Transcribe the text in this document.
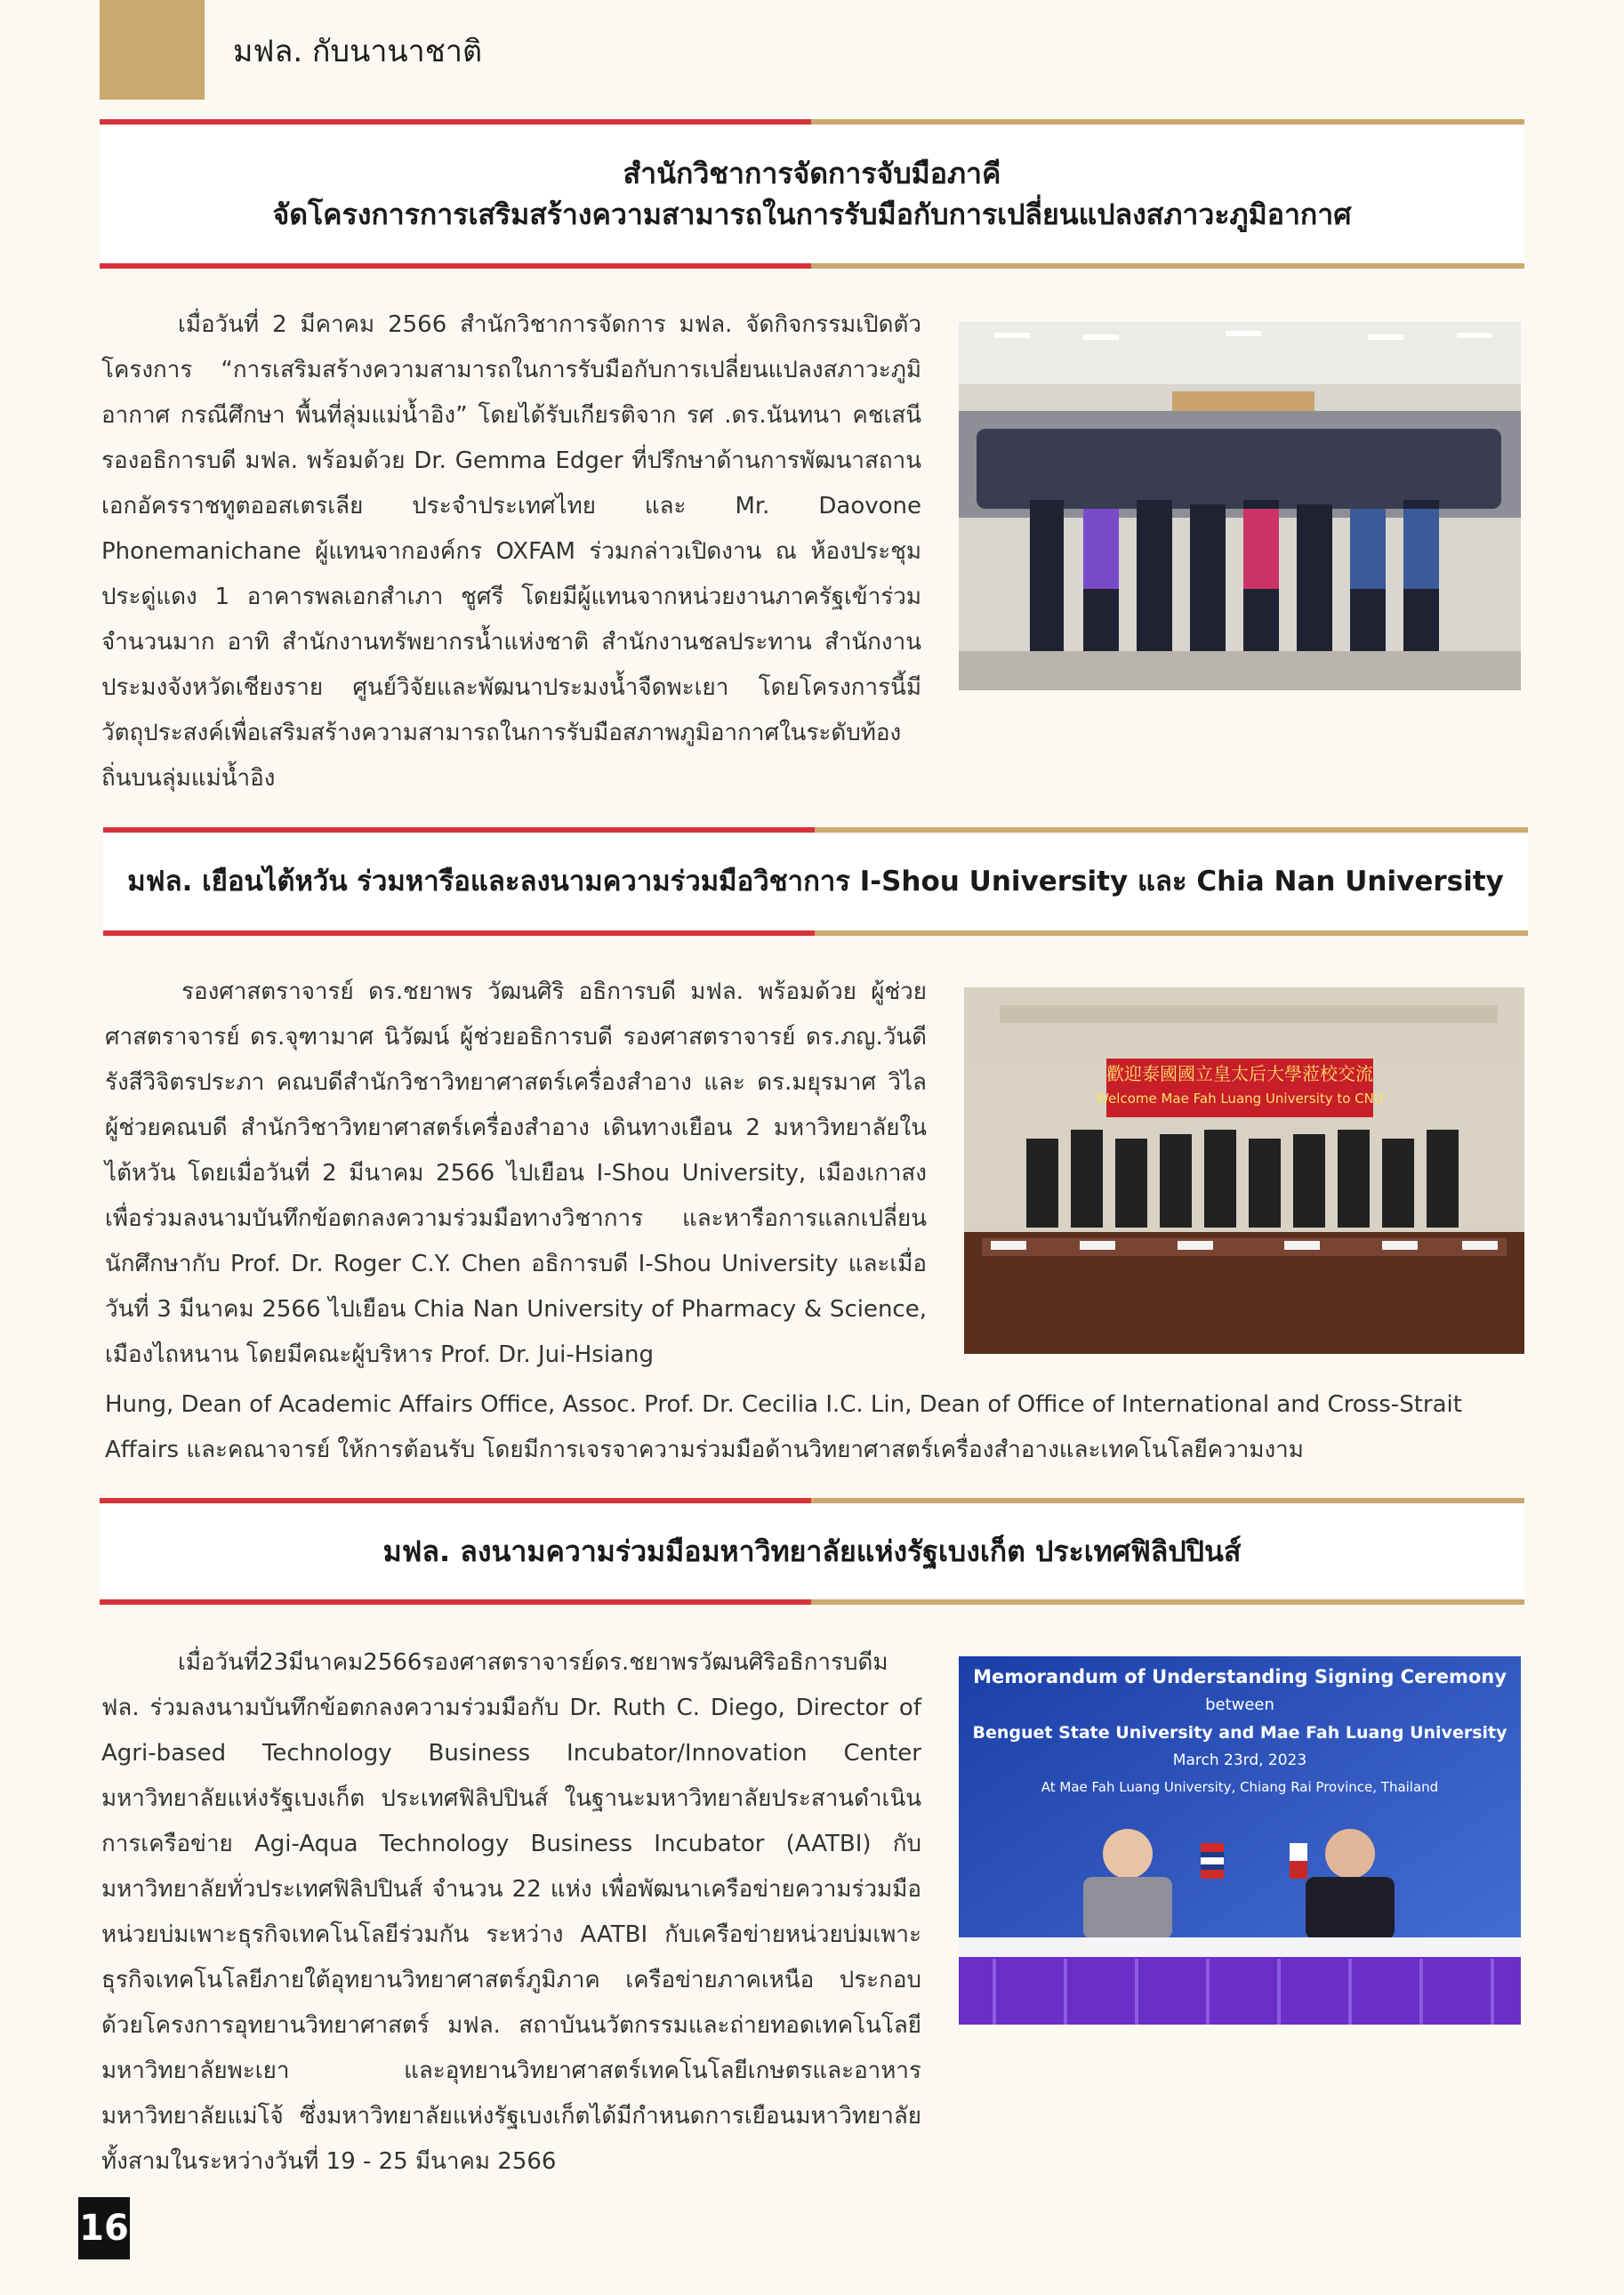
มฟล. กับนานาชาติ
สำนักวิชาการจัดการจับมือภาคี
จัดโครงการการเสริมสร้างความสามารถในการรับมือกับการเปลี่ยนแปลงสภาวะภูมิอากาศ

เมื่อวันที่ 2 มีคาคม 2566 สำนักวิชาการจัดการ มฟล. จัดกิจกรรมเปิดตัวโครงการ “การเสริมสร้างความสามารถในการรับมือกับการเปลี่ยนแปลงสภาวะภูมิอากาศ กรณีศึกษา พื้นที่ลุ่มแม่น้ำอิง” โดยได้รับเกียรติจาก รศ .ดร.นันทนา คชเสนี รองอธิการบดี มฟล. พร้อมด้วย Dr. Gemma Edger ที่ปรึกษาด้านการพัฒนาสถานเอกอัครราชทูตออสเตรเลีย ประจำประเทศไทย และ Mr. Daovone Phonemanichane ผู้แทนจากองค์กร OXFAM ร่วมกล่าวเปิดงาน ณ ห้องประชุมประดู่แดง 1 อาคารพลเอกสำเภา ชูศรี โดยมีผู้แทนจากหน่วยงานภาครัฐเข้าร่วมจำนวนมาก อาทิ สำนักงานทรัพยากรน้ำแห่งชาติ สำนักงานชลประทาน สำนักงานประมงจังหวัดเชียงราย ศูนย์วิจัยและพัฒนาประมงน้ำจืดพะเยา โดยโครงการนี้มีวัตถุประสงค์เพื่อเสริมสร้างความสามารถในการรับมือสภาพภูมิอากาศในระดับท้องถิ่นบนลุ่มแม่น้ำอิง

มฟล. เยือนไต้หวัน ร่วมหารือและลงนามความร่วมมือวิชาการ I-Shou University และ Chia Nan University

รองศาสตราจารย์ ดร.ชยาพร วัฒนศิริ อธิการบดี มฟล. พร้อมด้วย ผู้ช่วยศาสตราจารย์ ดร.จุฑามาศ นิวัฒน์ ผู้ช่วยอธิการบดี รองศาสตราจารย์ ดร.ภญ.วันดี รังสีวิจิตรประภา คณบดีสำนักวิชาวิทยาศาสตร์เครื่องสำอาง และ ดร.มยุรมาศ วิไล ผู้ช่วยคณบดี สำนักวิชาวิทยาศาสตร์เครื่องสำอาง เดินทางเยือน 2 มหาวิทยาลัยในไต้หวัน โดยเมื่อวันที่ 2 มีนาคม 2566 ไปเยือน I-Shou University, เมืองเกาสง เพื่อร่วมลงนามบันทึกข้อตกลงความร่วมมือทางวิชาการ และหารือการแลกเปลี่ยนนักศึกษากับ Prof. Dr. Roger C.Y. Chen อธิการบดี I-Shou University และเมื่อวันที่ 3 มีนาคม 2566 ไปเยือน Chia Nan University of Pharmacy & Science, เมืองไถหนาน โดยมีคณะผู้บริหาร Prof. Dr. Jui-Hsiang

Hung, Dean of Academic Affairs Office, Assoc. Prof. Dr. Cecilia I.C. Lin, Dean of Office of International and Cross-Strait Affairs และคณาจารย์ ให้การต้อนรับ โดยมีการเจรจาความร่วมมือด้านวิทยาศาสตร์เครื่องสำอางและเทคโนโลยีความงาม

歡迎泰國國立皇太后大學蒞校交流
Welcome Mae Fah Luang University to CNU
มฟล. ลงนามความร่วมมือมหาวิทยาลัยแห่งรัฐเบงเก็ต ประเทศฟิลิปปินส์

เมื่อวันที่23มีนาคม2566รองศาสตราจารย์ดร.ชยาพรวัฒนศิริอธิการบดีมฟล. ร่วมลงนามบันทึกข้อตกลงความร่วมมือกับ Dr. Ruth C. Diego, Director of Agri-based Technology Business Incubator/Innovation Center มหาวิทยาลัยแห่งรัฐเบงเก็ต ประเทศฟิลิปปินส์ ในฐานะมหาวิทยาลัยประสานดำเนินการเครือข่าย Agi-Aqua Technology Business Incubator (AATBI) กับมหาวิทยาลัยทั่วประเทศฟิลิปปินส์ จำนวน 22 แห่ง เพื่อพัฒนาเครือข่ายความร่วมมือหน่วยบ่มเพาะธุรกิจเทคโนโลยีร่วมกัน ระหว่าง AATBI กับเครือข่ายหน่วยบ่มเพาะธุรกิจเทคโนโลยีภายใต้อุทยานวิทยาศาสตร์ภูมิภาค เครือข่ายภาคเหนือ ประกอบด้วยโครงการอุทยานวิทยาศาสตร์ มฟล. สถาบันนวัตกรรมและถ่ายทอดเทคโนโลยี มหาวิทยาลัยพะเยา และอุทยานวิทยาศาสตร์เทคโนโลยีเกษตรและอาหาร มหาวิทยาลัยแม่โจ้ ซึ่งมหาวิทยาลัยแห่งรัฐเบงเก็ตได้มีกำหนดการเยือนมหาวิทยาลัยทั้งสามในระหว่างวันที่ 19 - 25 มีนาคม 2566

Memorandum of Understanding Signing Ceremony
between
Benguet State University and Mae Fah Luang University
March 23rd, 2023
At Mae Fah Luang University, Chiang Rai Province, Thailand
16
